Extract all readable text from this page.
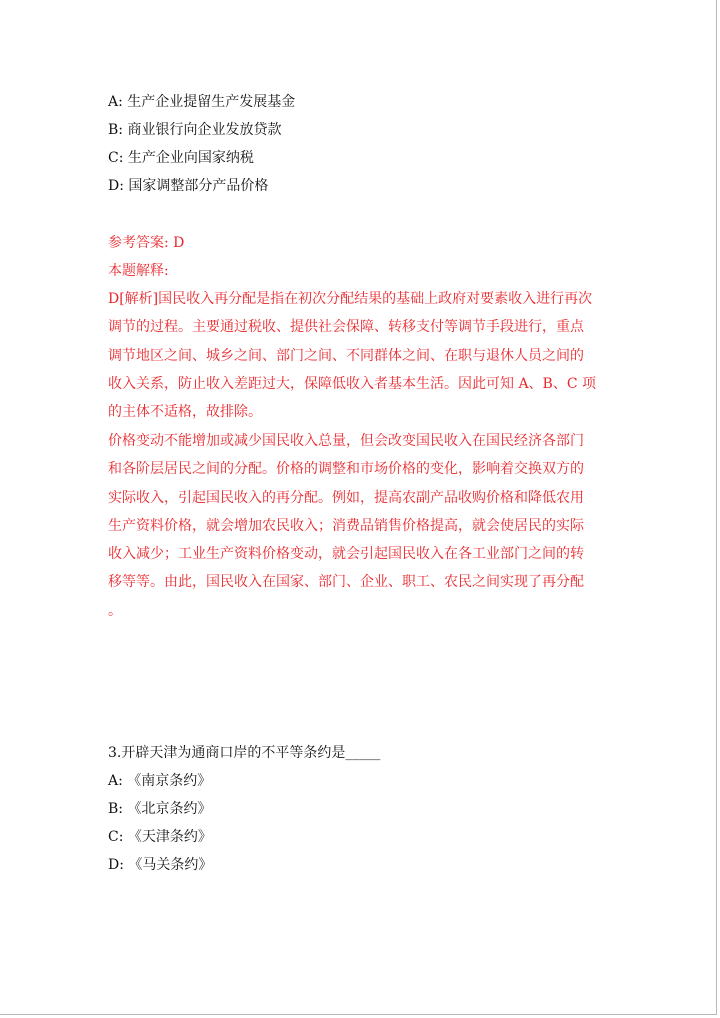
A: 生产企业提留生产发展基金
B: 商业银行向企业发放贷款
C: 生产企业向国家纳税
D: 国家调整部分产品价格
参考答案: D
本题解释:
D[解析]国民收入再分配是指在初次分配结果的基础上政府对要素收入进行再次
调节的过程。主要通过税收、提供社会保障、转移支付等调节手段进行，重点
调节地区之间、城乡之间、部门之间、不同群体之间、在职与退休人员之间的
收入关系，防止收入差距过大，保障低收入者基本生活。因此可知 A、B、C 项
的主体不适格，故排除。
价格变动不能增加或减少国民收入总量，但会改变国民收入在国民经济各部门
和各阶层居民之间的分配。价格的调整和市场价格的变化，影响着交换双方的
实际收入，引起国民收入的再分配。例如，提高农副产品收购价格和降低农用
生产资料价格，就会增加农民收入；消费品销售价格提高，就会使居民的实际
收入减少；工业生产资料价格变动，就会引起国民收入在各工业部门之间的转
移等等。由此，国民收入在国家、部门、企业、职工、农民之间实现了再分配
。
3.开辟天津为通商口岸的不平等条约是_____
A: 《南京条约》
B: 《北京条约》
C: 《天津条约》
D: 《马关条约》
